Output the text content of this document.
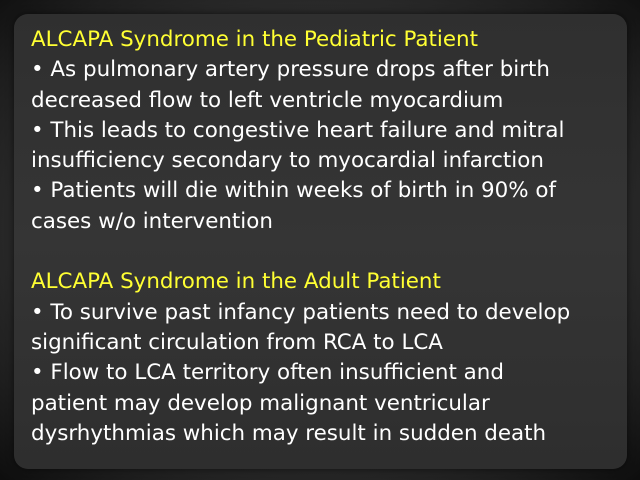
ALCAPA Syndrome in the Pediatric Patient
• As pulmonary artery pressure drops after birth
decreased flow to left ventricle myocardium
• This leads to congestive heart failure and mitral
insufficiency secondary to myocardial infarction
• Patients will die within weeks of birth in 90% of
cases w/o intervention
ALCAPA Syndrome in the Adult Patient
• To survive past infancy patients need to develop
significant circulation from RCA to LCA
• Flow to LCA territory often insufficient and
patient may develop malignant ventricular
dysrhythmias which may result in sudden death
